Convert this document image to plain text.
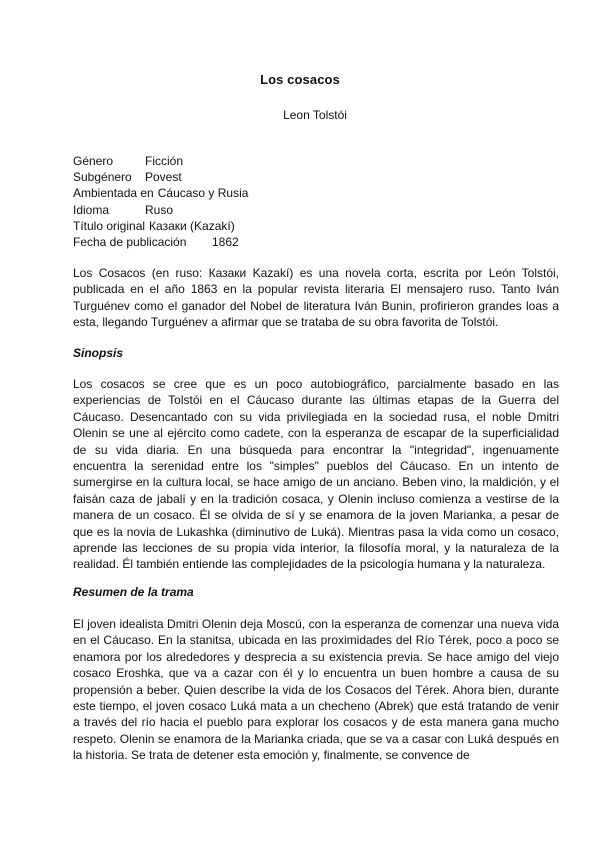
Los cosacos
Leon Tolstói
Género	Ficción
Subgénero Povest
Ambientada en Cáucaso y Rusia
Idioma	Ruso
Título original Казаки (Kazakí)
Fecha de publicación 1862

Los Cosacos (en ruso: Казаки Kazakí) es una novela corta, escrita por León Tolstói, publicada en el año 1863 en la popular revista literaria El mensajero ruso. Tanto Iván Turguénev como el ganador del Nobel de literatura Iván Bunin, profirieron grandes loas a esta, llegando Turguénev a afirmar que se trataba de su obra favorita de Tolstói.

Sinopsis

Los cosacos se cree que es un poco autobiográfico, parcialmente basado en las experiencias de Tolstói en el Cáucaso durante las últimas etapas de la Guerra del Cáucaso. Desencantado con su vida privilegiada en la sociedad rusa, el noble Dmitri Olenin se une al ejército como cadete, con la esperanza de escapar de la superficialidad de su vida diaria. En una búsqueda para encontrar la "integridad", ingenuamente encuentra la serenidad entre los "simples" pueblos del Cáucaso. En un intento de sumergirse en la cultura local, se hace amigo de un anciano. Beben vino, la maldición, y el faisán caza de jabalí y en la tradición cosaca, y Olenin incluso comienza a vestirse de la manera de un cosaco. Él se olvida de sí y se enamora de la joven Marianka, a pesar de que es la novia de Lukashka (diminutivo de Luká). Mientras pasa la vida como un cosaco, aprende las lecciones de su propia vida interior, la filosofía moral, y la naturaleza de la realidad. Él también entiende las complejidades de la psicología humana y la naturaleza.

Resumen de la trama

El joven idealista Dmitri Olenin deja Moscú, con la esperanza de comenzar una nueva vida en el Cáucaso. En la stanitsa, ubicada en las proximidades del Río Térek, poco a poco se enamora por los alrededores y desprecia a su existencia previa. Se hace amigo del viejo cosaco Eroshka, que va a cazar con él y lo encuentra un buen hombre a causa de su propensión a beber. Quien describe la vida de los Cosacos del Térek. Ahora bien, durante este tiempo, el joven cosaco Luká mata a un checheno (Abrek) que está tratando de venir a través del río hacia el pueblo para explorar los cosacos y de esta manera gana mucho respeto. Olenin se enamora de la Marianka criada, que se va a casar con Luká después en la historia. Se trata de detener esta emoción y, finalmente, se convence de
